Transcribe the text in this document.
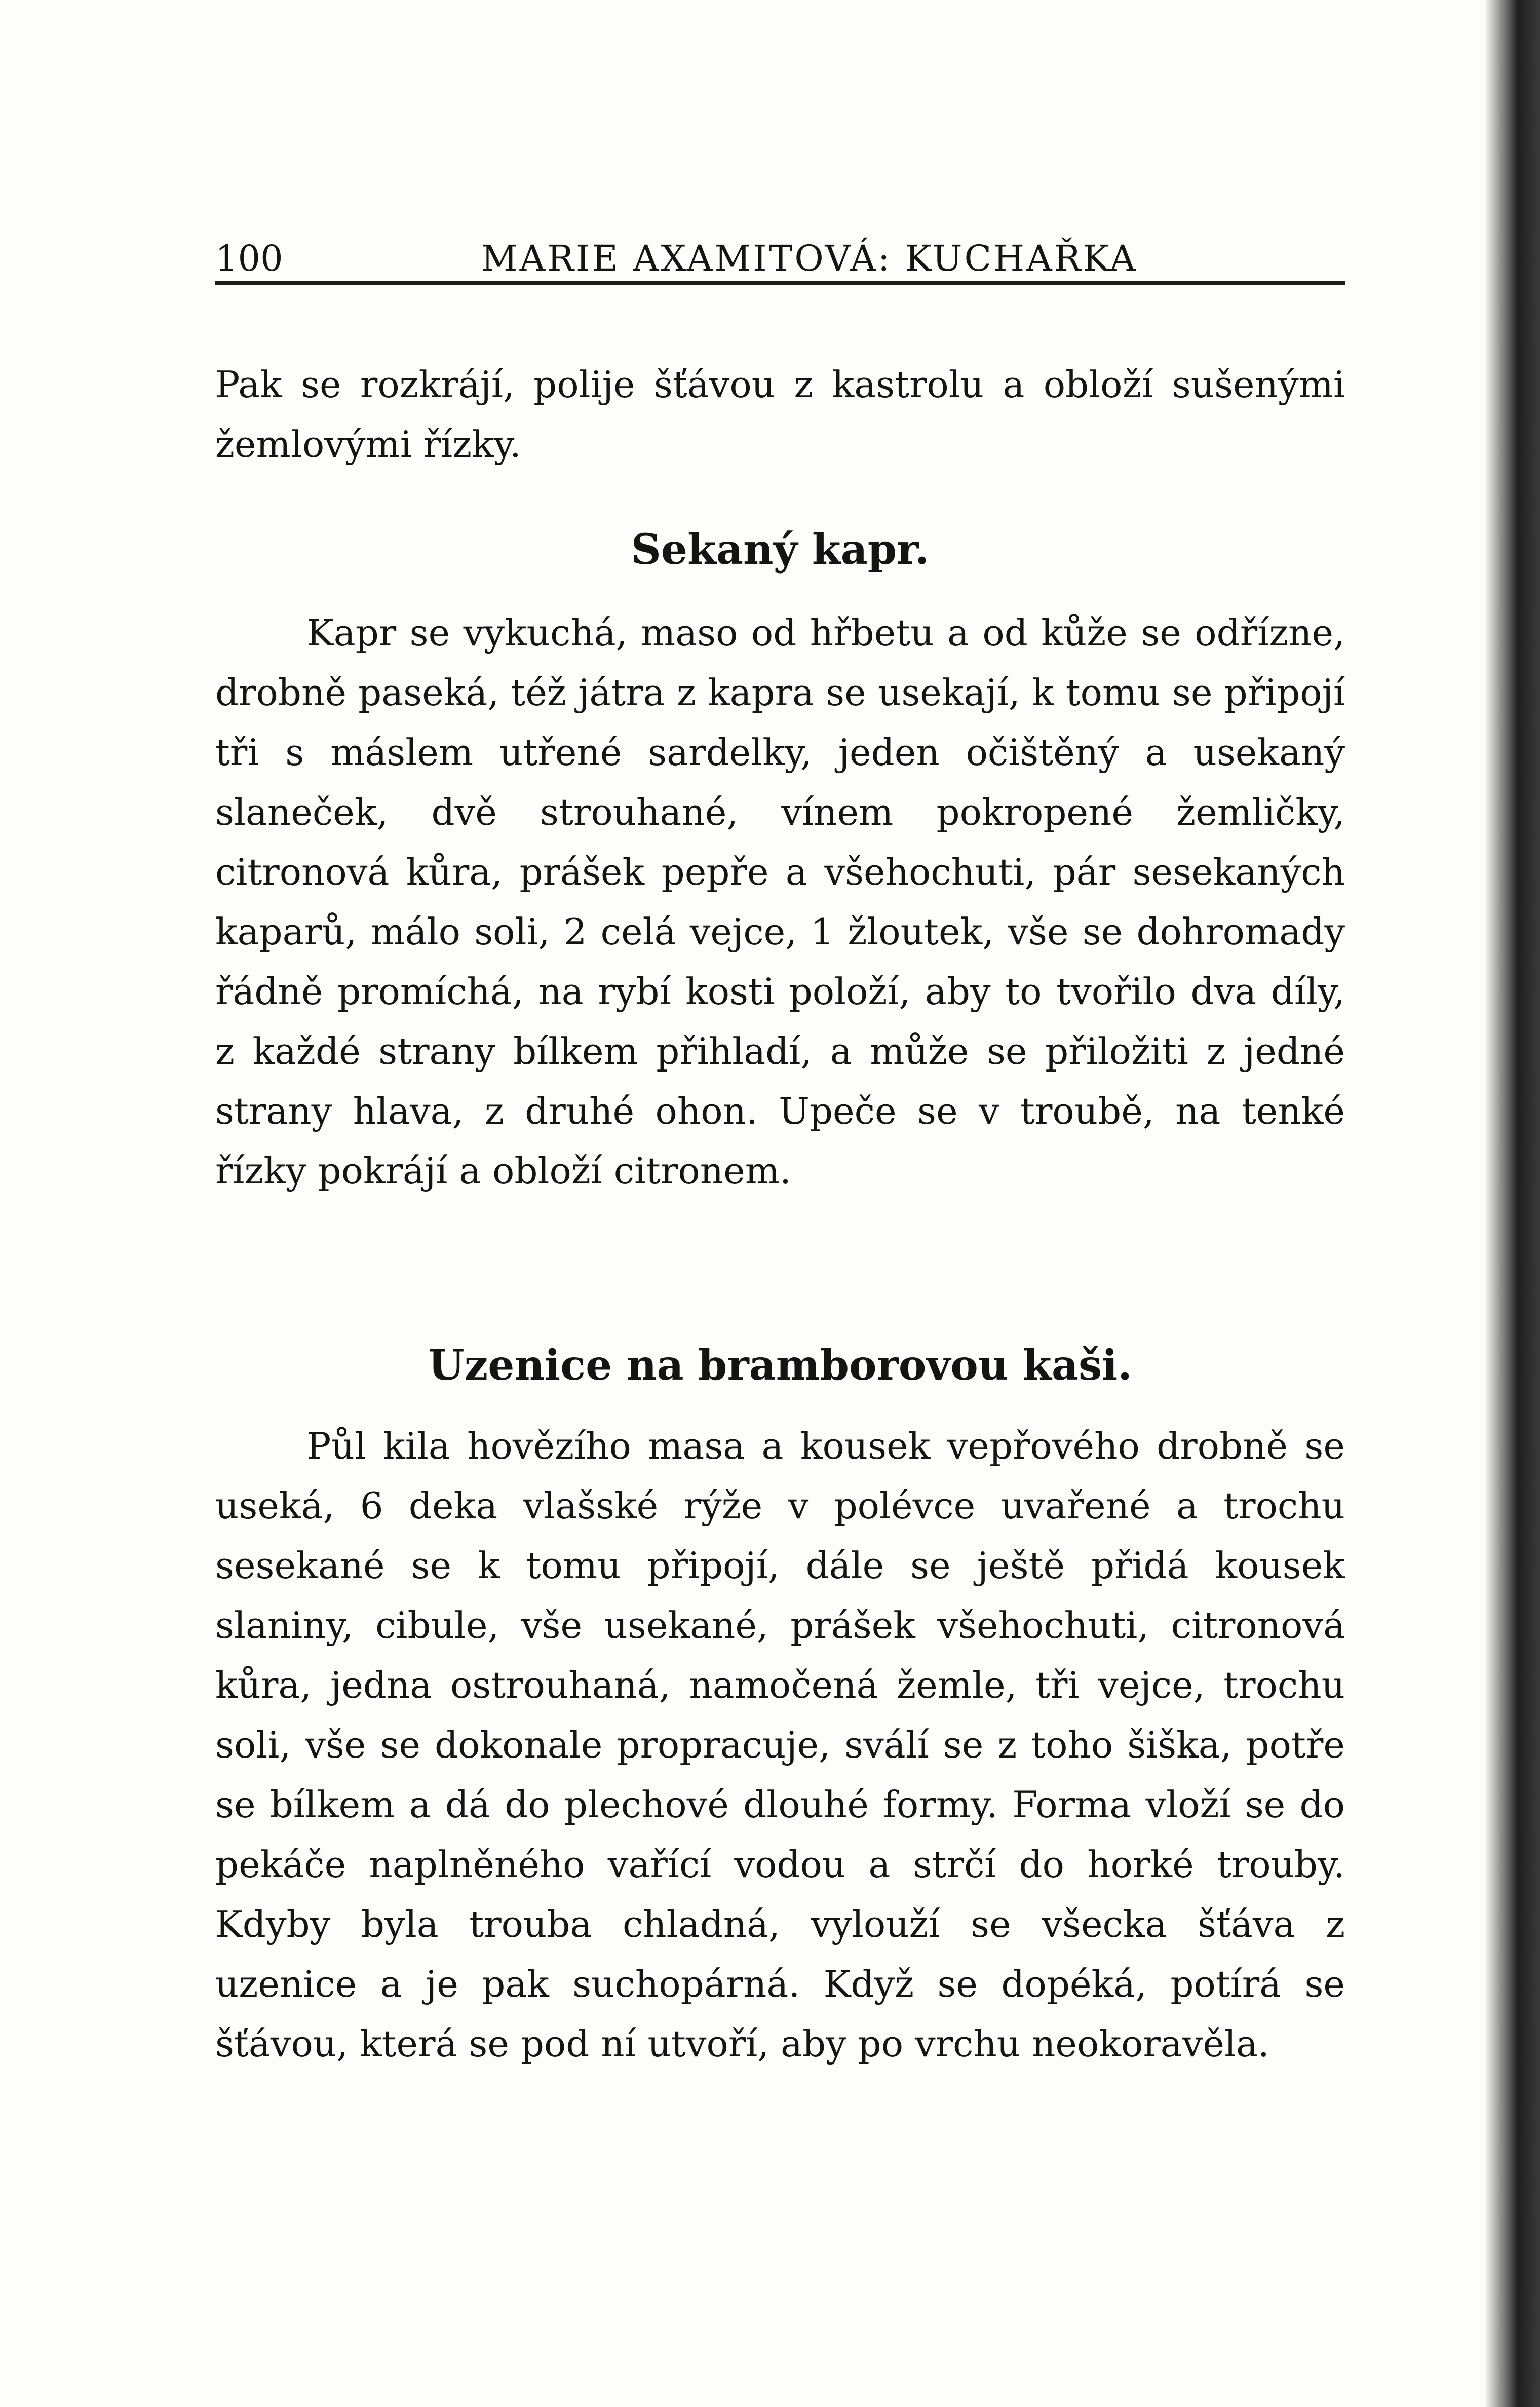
100	MARIE AXAMITOVÁ: KUCHAŘKA

Pak se rozkrájí, polije šťávou z kastrolu a obloží sušenými žemlovými řízky.

Sekaný kapr.

Kapr se vykuchá, maso od hřbetu a od kůže se odřízne, drobně paseká, též játra z kapra se usekají, k tomu se připojí tři s máslem utřené sardelky, jeden očištěný a usekaný slaneček, dvě strouhané, vínem pokropené žemličky, citronová kůra, prášek pepře a všehochuti, pár sesekaných kaparů, málo soli, 2 celá vejce, 1 žloutek, vše se dohromady řádně promíchá, na rybí kosti položí, aby to tvořilo dva díly, z každé strany bílkem přihladí, a může se přiložiti z jedné strany hlava, z druhé ohon. Upeče se v troubě, na tenké řízky pokrájí a obloží citronem.

Uzenice na bramborovou kaši.

Půl kila hovězího masa a kousek vepřového drobně se useká, 6 deka vlašské rýže v polévce uvařené a trochu sesekané se k tomu připojí, dále se ještě přidá kousek slaniny, cibule, vše usekané, prášek všehochuti, citronová kůra, jedna ostrouhaná, namočená žemle, tři vejce, trochu soli, vše se dokonale propracuje, sválí se z toho šiška, potře se bílkem a dá do plechové dlouhé formy. Forma vloží se do pekáče naplněného vařící vodou a strčí do horké trouby. Kdyby byla trouba chladná, vylouží se všecka šťáva z uzenice a je pak suchopárná. Když se dopéká, potírá se šťávou, která se pod ní utvoří, aby po vrchu neokoravěla.
